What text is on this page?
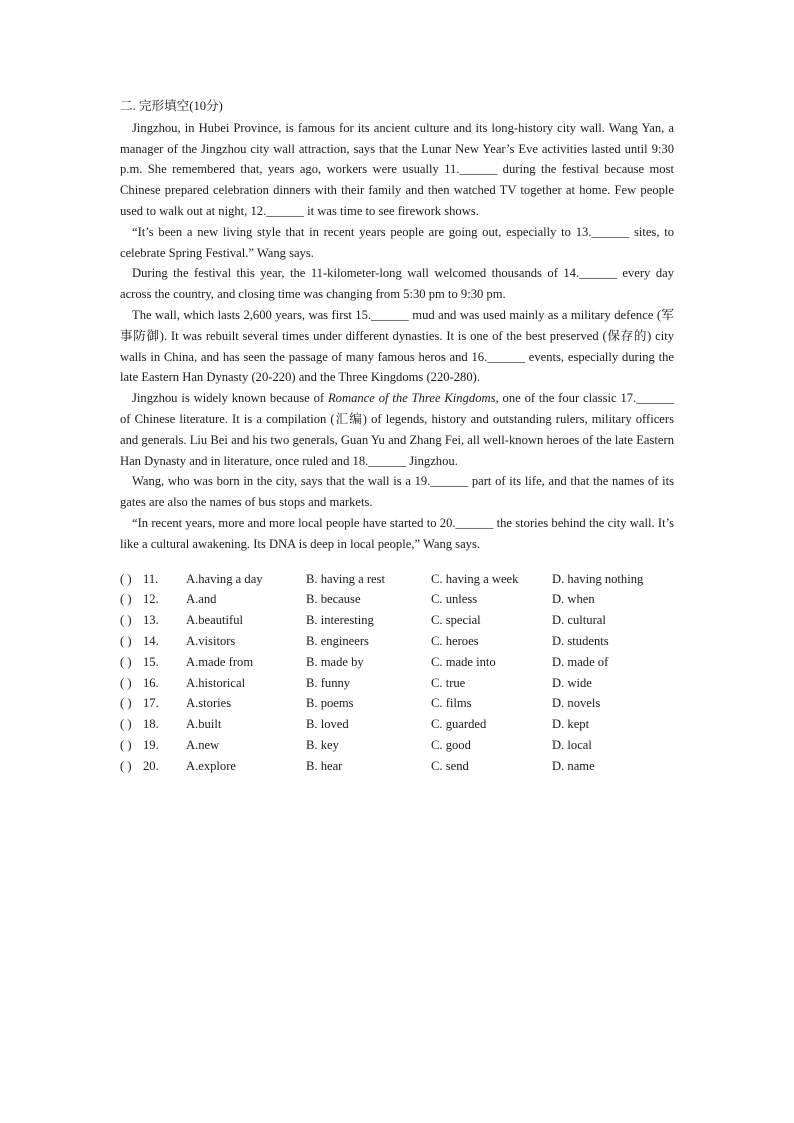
二. 完形填空(10分)

Jingzhou, in Hubei Province, is famous for its ancient culture and its long-history city wall. Wang Yan, a manager of the Jingzhou city wall attraction, says that the Lunar New Year’s Eve activities lasted until 9:30 p.m. She remembered that, years ago, workers were usually 11.______ during the festival because most Chinese prepared celebration dinners with their family and then watched TV together at home. Few people used to walk out at night, 12.______ it was time to see firework shows.

“It’s been a new living style that in recent years people are going out, especially to 13.______ sites, to celebrate Spring Festival.” Wang says.

During the festival this year, the 11-kilometer-long wall welcomed thousands of 14.______ every day across the country, and closing time was changing from 5:30 pm to 9:30 pm.

The wall, which lasts 2,600 years, was first 15.______ mud and was used mainly as a military defence (军事防御). It was rebuilt several times under different dynasties. It is one of the best preserved (保存的) city walls in China, and has seen the passage of many famous heros and 16.______ events, especially during the late Eastern Han Dynasty (20-220) and the Three Kingdoms (220-280).

Jingzhou is widely known because of Romance of the Three Kingdoms, one of the four classic 17.______ of Chinese literature. It is a compilation (汇编) of legends, history and outstanding rulers, military officers and generals. Liu Bei and his two generals, Guan Yu and Zhang Fei, all well-known heroes of the late Eastern Han Dynasty and in literature, once ruled and 18.______ Jingzhou.

Wang, who was born in the city, says that the wall is a 19.______ part of its life, and that the names of its gates are also the names of bus stops and markets.

“In recent years, more and more local people have started to 20.______ the stories behind the city wall. It’s like a cultural awakening. Its DNA is deep in local people,” Wang says.

( ) 11.	A.having a day	B. having a rest	C. having a week	D. having nothing
( ) 12.	A.and	B. because	C. unless	D. when
( ) 13.	A.beautiful	B. interesting	C. special	D. cultural
( ) 14.	A.visitors	B. engineers	C. heroes	D. students
( ) 15.	A.made from	B. made by	C. made into	D. made of
( ) 16.	A.historical	B. funny	C. true	D. wide
( ) 17.	A.stories	B. poems	C. films	D. novels
( ) 18.	A.built	B. loved	C. guarded	D. kept
( ) 19.	A.new	B. key	C. good	D. local
( ) 20.	A.explore	B. hear	C. send	D. name
